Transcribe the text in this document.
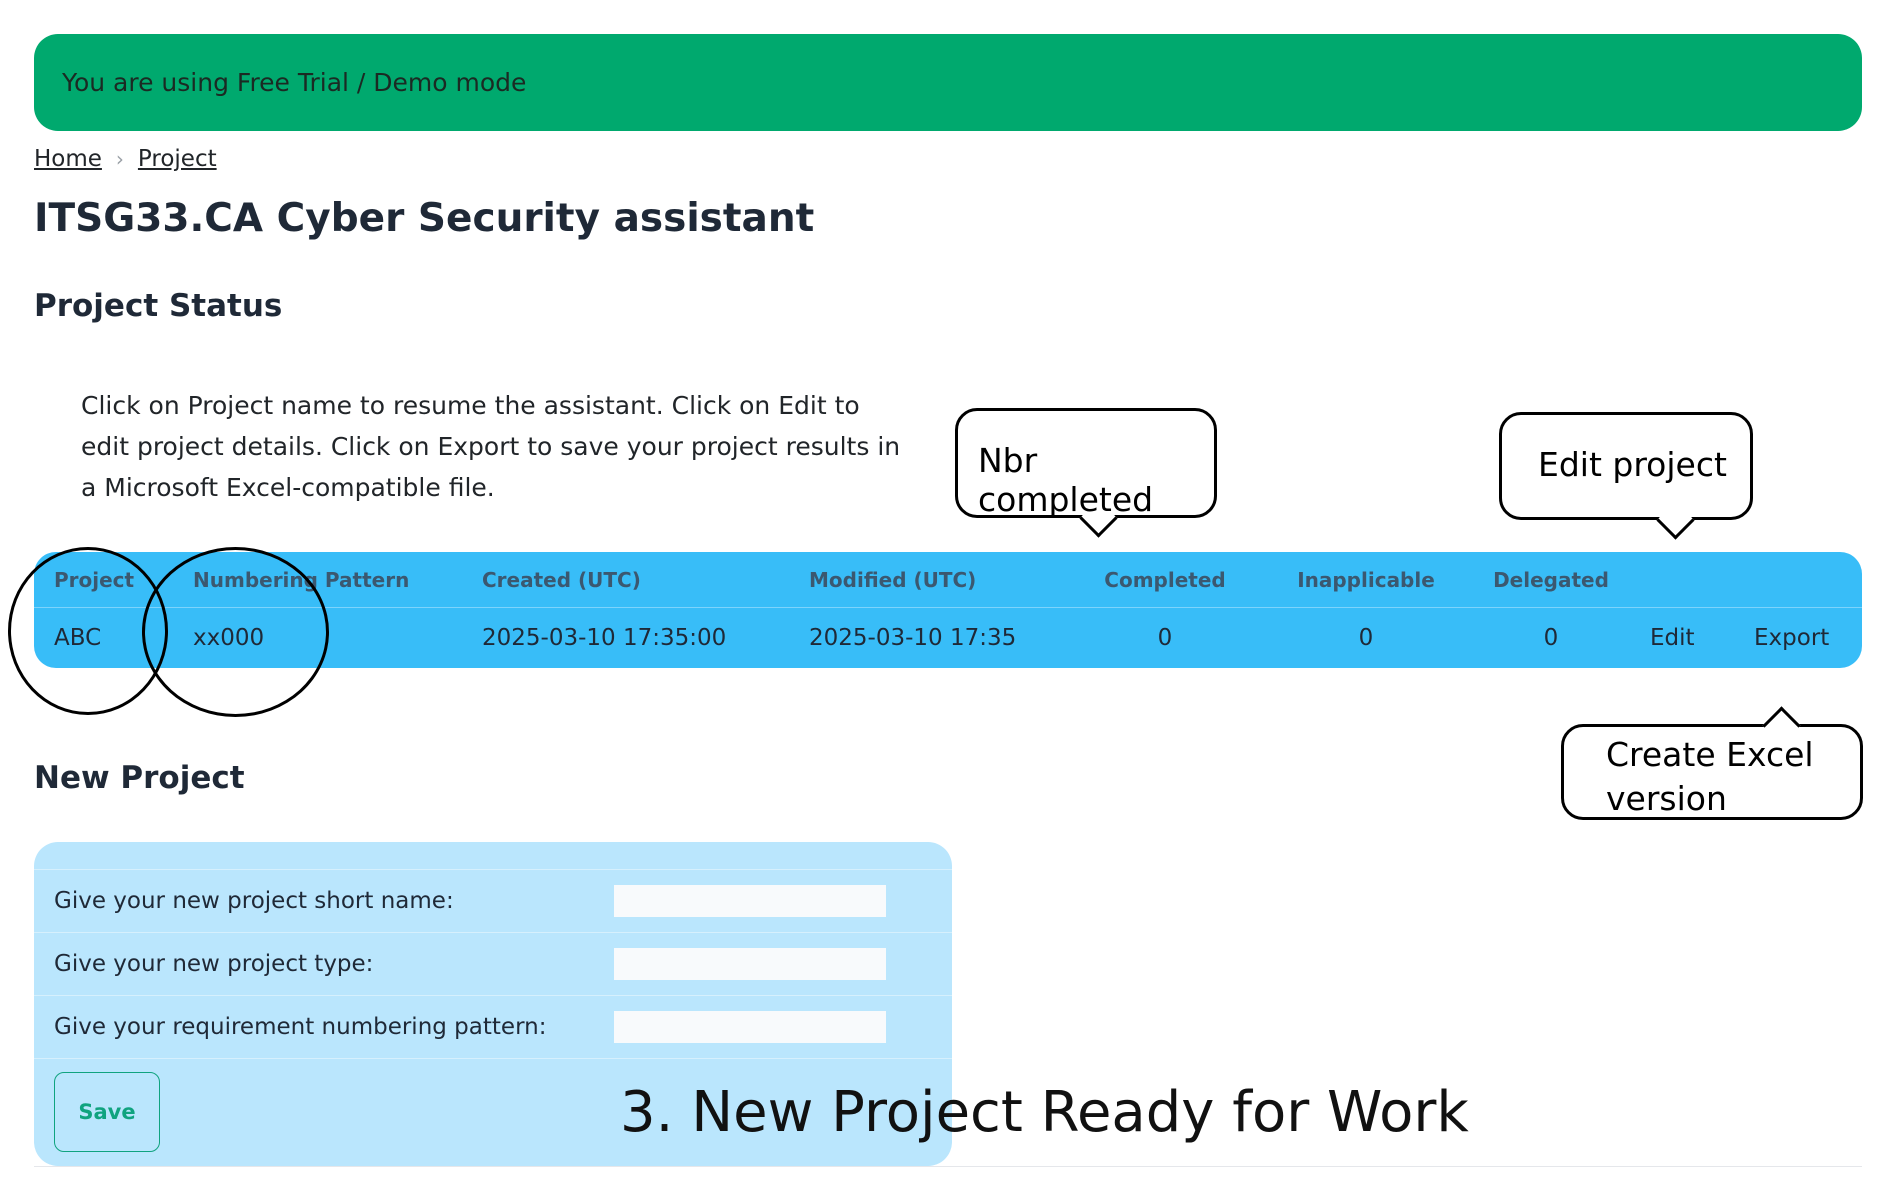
You are using Free Trial / Demo mode
Home › Project
ITSG33.CA Cyber Security assistant
Project Status

Click on Project name to resume the assistant. Click on Edit to edit project details. Click on Export to save your project results in a Microsoft Excel-compatible file.

Project	Numbering Pattern	Created (UTC)	Modified (UTC)	Completed	Inapplicable	Delegated
ABC	xx000	2025-03-10 17:35:00	2025-03-10 17:35	0	0	0	Edit	Export
Nbr completed
Edit project
Create Excel version
New Project
Give your new project short name:
Give your new project type:
Give your requirement numbering pattern:
Save	3. New Project Ready for Work
